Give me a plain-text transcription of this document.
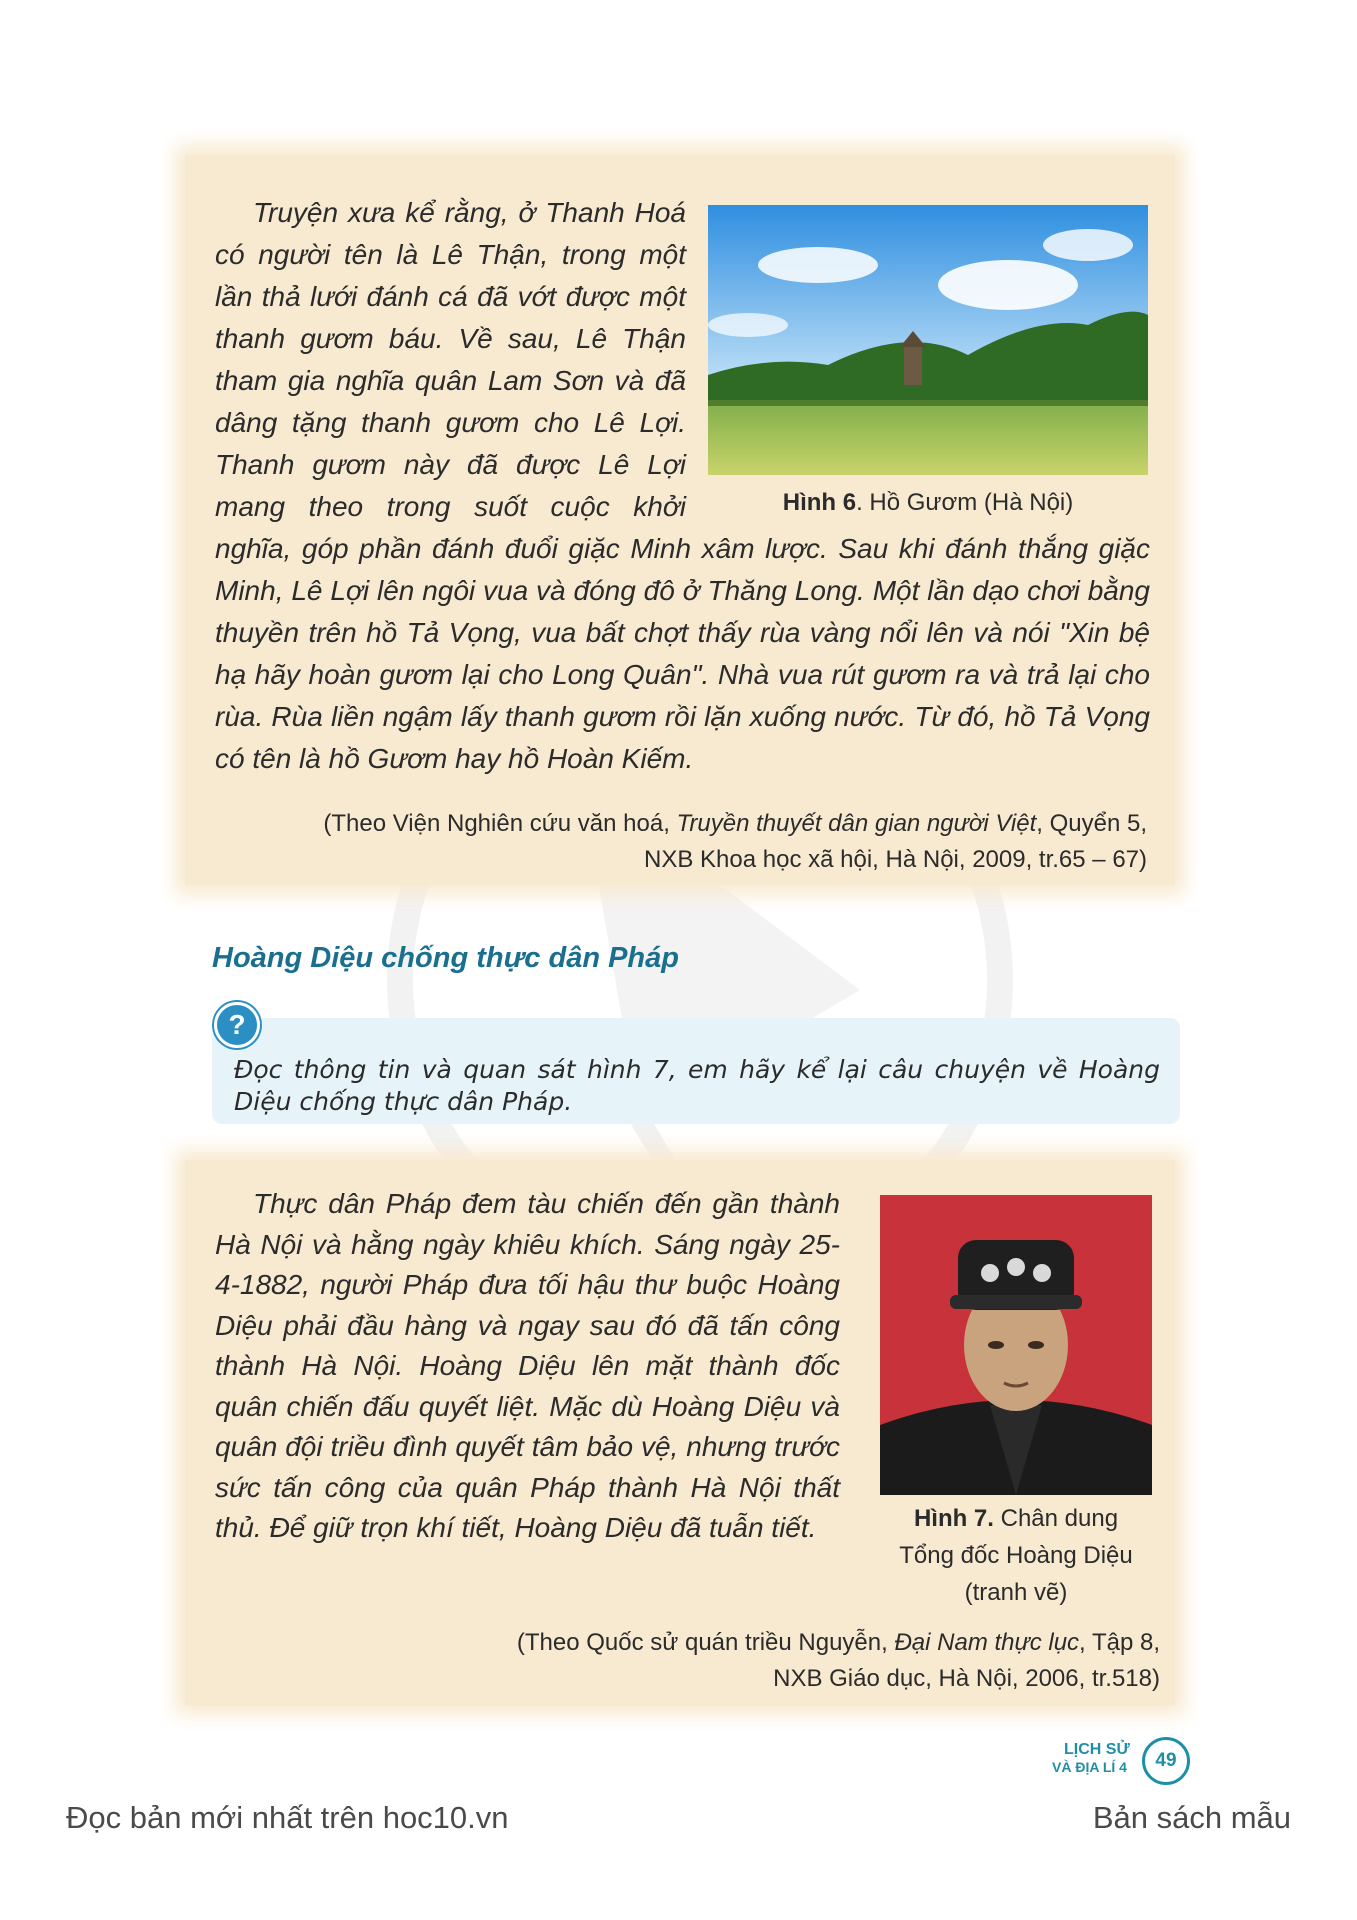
Truyện xưa kể rằng, ở Thanh Hoá có người tên là Lê Thận, trong một lần thả lưới đánh cá đã vớt được một thanh gươm báu. Về sau, Lê Thận tham gia nghĩa quân Lam Sơn và đã dâng tặng thanh gươm cho Lê Lợi. Thanh gươm này đã được Lê Lợi mang theo trong suốt cuộc khởi nghĩa, góp phần đánh đuổi giặc Minh xâm lược. Sau khi đánh thắng giặc Minh, Lê Lợi lên ngôi vua và đóng đô ở Thăng Long. Một lần dạo chơi bằng thuyền trên hồ Tả Vọng, vua bất chợt thấy rùa vàng nổi lên và nói "Xin bệ hạ hãy hoàn gươm lại cho Long Quân". Nhà vua rút gươm ra và trả lại cho rùa. Rùa liền ngậm lấy thanh gươm rồi lặn xuống nước. Từ đó, hồ Tả Vọng có tên là hồ Gươm hay hồ Hoàn Kiếm.
Hình 6. Hồ Gươm (Hà Nội)
(Theo Viện Nghiên cứu văn hoá, Truyền thuyết dân gian người Việt, Quyển 5,
NXB Khoa học xã hội, Hà Nội, 2009, tr.65 – 67)
Hoàng Diệu chống thực dân Pháp
?

Đọc thông tin và quan sát hình 7, em hãy kể lại câu chuyện về Hoàng Diệu chống thực dân Pháp.

Thực dân Pháp đem tàu chiến đến gần thành Hà Nội và hằng ngày khiêu khích. Sáng ngày 25-4-1882, người Pháp đưa tối hậu thư buộc Hoàng Diệu phải đầu hàng và ngay sau đó đã tấn công thành Hà Nội. Hoàng Diệu lên mặt thành đốc quân chiến đấu quyết liệt. Mặc dù Hoàng Diệu và quân đội triều đình quyết tâm bảo vệ, nhưng trước sức tấn công của quân Pháp thành Hà Nội thất thủ. Để giữ trọn khí tiết, Hoàng Diệu đã tuẫn tiết.	Hình 7. Chân dung
Tổng đốc Hoàng Diệu
(tranh vẽ)
(Theo Quốc sử quán triều Nguyễn, Đại Nam thực lục, Tập 8,
NXB Giáo dục, Hà Nội, 2006, tr.518)
LỊCH SỬ
VÀ ĐỊA LÍ 4	49
Đọc bản mới nhất trên hoc10.vn	Bản sách mẫu
